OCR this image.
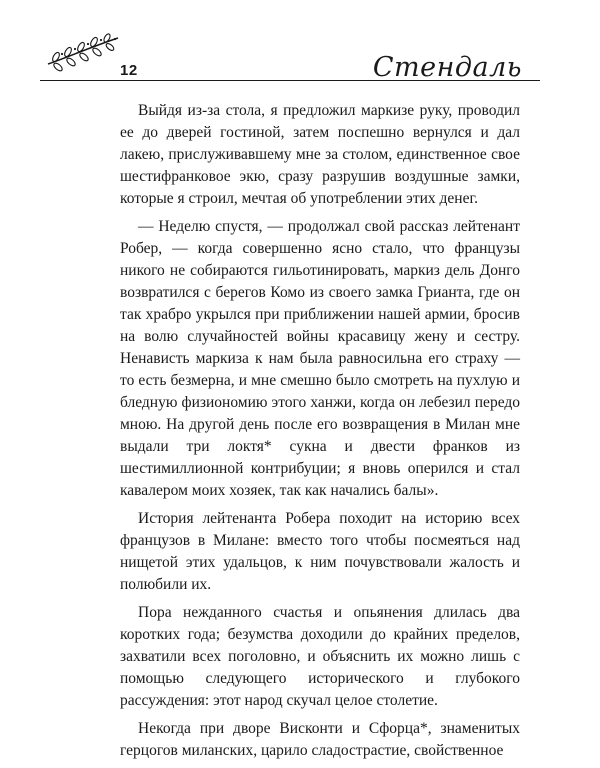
12	Стендаль

Выйдя из-за стола, я предложил маркизе руку, проводил ее до дверей гостиной, затем поспешно вернулся и дал лакею, прислуживавшему мне за столом, единственное свое шестифранковое экю, сразу разрушив воздушные замки, которые я строил, мечтая об употреблении этих денег.

— Неделю спустя, — продолжал свой рассказ лейтенант Робер, — когда совершенно ясно стало, что французы никого не собираются гильотинировать, маркиз дель Донго возвратился с берегов Комо из своего замка Грианта, где он так храбро укрылся при приближении нашей армии, бросив на волю случайностей войны красавицу жену и сестру. Ненависть маркиза к нам была равносильна его страху — то есть безмерна, и мне смешно было смотреть на пухлую и бледную физиономию этого ханжи, когда он лебезил передо мною. На другой день после его возвращения в Милан мне выдали три локтя* сукна и двести франков из шестимиллионной контрибуции; я вновь оперился и стал кавалером моих хозяек, так как начались балы».

История лейтенанта Робера походит на историю всех французов в Милане: вместо того чтобы посмеяться над нищетой этих удальцов, к ним почувствовали жалость и полюбили их.

Пора нежданного счастья и опьянения длилась два коротких года; безумства доходили до крайних пределов, захватили всех поголовно, и объяснить их можно лишь с помощью следующего исторического и глубокого рассуждения: этот народ скучал целое столетие.

Некогда при дворе Висконти и Сфорца*, знаменитых герцогов миланских, царило сладострастие, свойственное
